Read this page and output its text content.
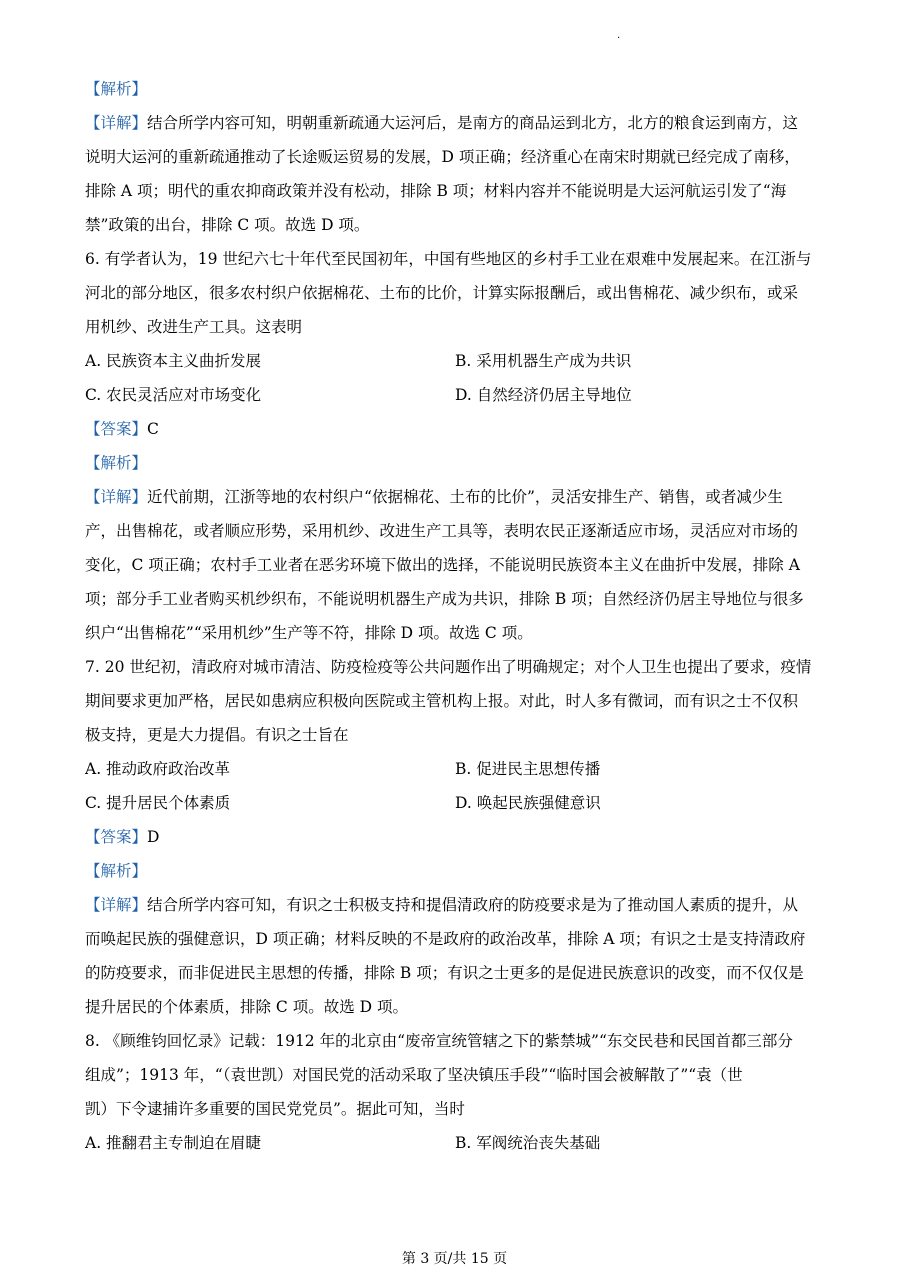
.

【解析】

【详解】结合所学内容可知，明朝重新疏通大运河后，是南方的商品运到北方，北方的粮食运到南方，这

说明大运河的重新疏通推动了长途贩运贸易的发展，D 项正确；经济重心在南宋时期就已经完成了南移，

排除 A 项；明代的重农抑商政策并没有松动，排除 B 项；材料内容并不能说明是大运河航运引发了“海

禁”政策的出台，排除 C 项。故选 D 项。

6. 有学者认为，19 世纪六七十年代至民国初年，中国有些地区的乡村手工业在艰难中发展起来。在江浙与

河北的部分地区，很多农村织户依据棉花、土布的比价，计算实际报酬后，或出售棉花、减少织布，或采

用机纱、改进生产工具。这表明

A. 民族资本主义曲折发展	B. 采用机器生产成为共识
C. 农民灵活应对市场变化	D. 自然经济仍居主导地位

【答案】C

【解析】

【详解】近代前期，江浙等地的农村织户“依据棉花、土布的比价”，灵活安排生产、销售，或者减少生

产，出售棉花，或者顺应形势，采用机纱、改进生产工具等，表明农民正逐渐适应市场，灵活应对市场的

变化，C 项正确；农村手工业者在恶劣环境下做出的选择，不能说明民族资本主义在曲折中发展，排除 A

项；部分手工业者购买机纱织布，不能说明机器生产成为共识，排除 B 项；自然经济仍居主导地位与很多

织户“出售棉花”“采用机纱”生产等不符，排除 D 项。故选 C 项。

7. 20 世纪初，清政府对城市清洁、防疫检疫等公共问题作出了明确规定；对个人卫生也提出了要求，疫情

期间要求更加严格，居民如患病应积极向医院或主管机构上报。对此，时人多有微词，而有识之士不仅积

极支持，更是大力提倡。有识之士旨在

A. 推动政府政治改革	B. 促进民主思想传播
C. 提升居民个体素质	D. 唤起民族强健意识

【答案】D

【解析】

【详解】结合所学内容可知，有识之士积极支持和提倡清政府的防疫要求是为了推动国人素质的提升，从

而唤起民族的强健意识，D 项正确；材料反映的不是政府的政治改革，排除 A 项；有识之士是支持清政府

的防疫要求，而非促进民主思想的传播，排除 B 项；有识之士更多的是促进民族意识的改变，而不仅仅是

提升居民的个体素质，排除 C 项。故选 D 项。

8. 《顾维钧回忆录》记载：1912 年的北京由“废帝宣统管辖之下的紫禁城”“东交民巷和民国首都三部分

组成”；1913 年，“（袁世凯）对国民党的活动采取了坚决镇压手段”“临时国会被解散了”“袁（世

凯）下令逮捕许多重要的国民党党员”。据此可知，当时

A. 推翻君主专制迫在眉睫	B. 军阀统治丧失基础
第 3 页/共 15 页
